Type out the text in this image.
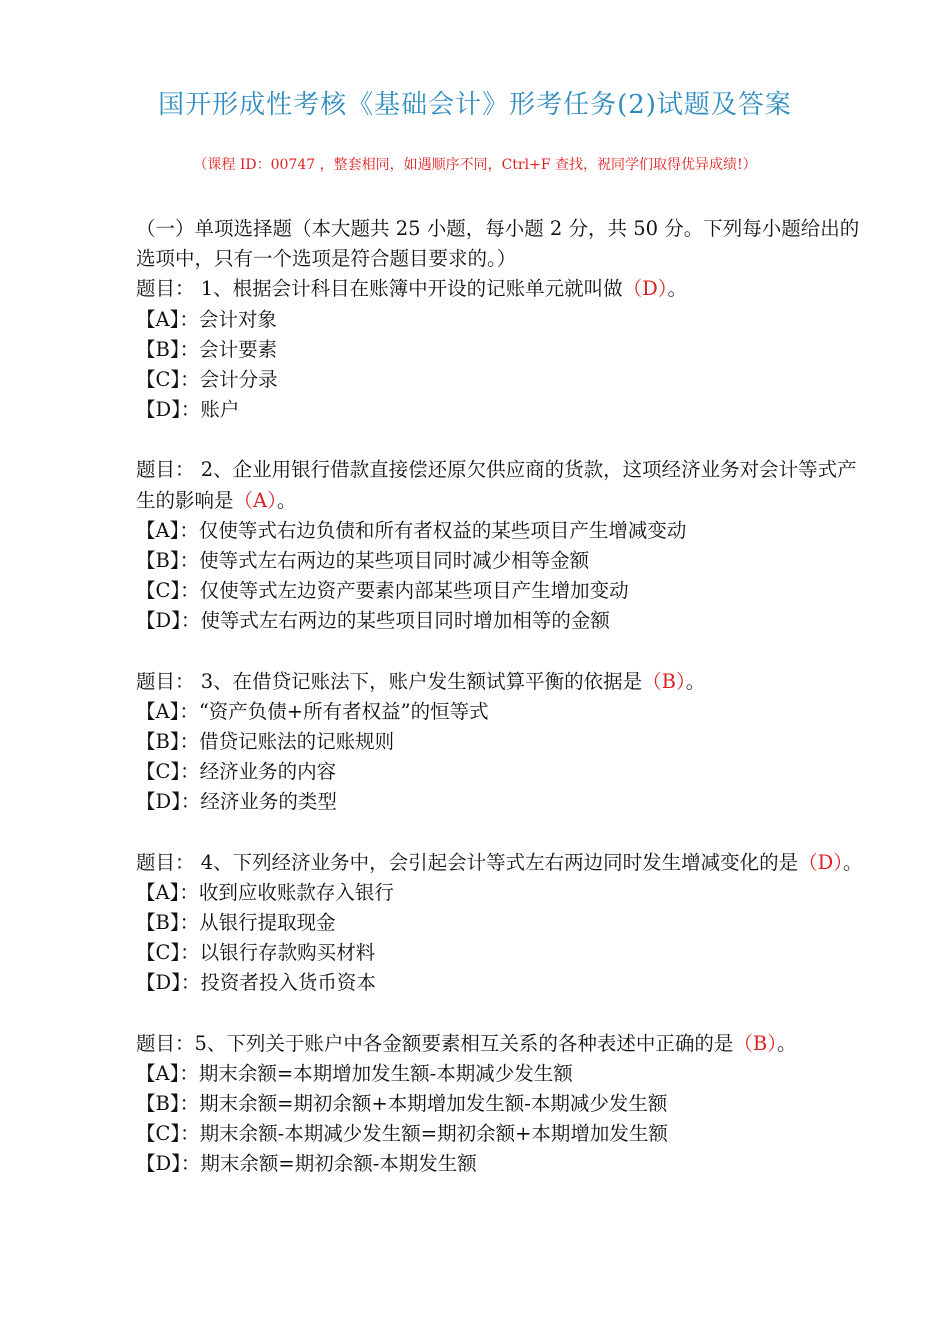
国开形成性考核《基础会计》形考任务(2)试题及答案
（课程 ID：00747 ，整套相同，如遇顺序不同，Ctrl+F 查找，祝同学们取得优异成绩!）
（一）单项选择题（本大题共 25 小题，每小题 2 分，共 50 分。下列每小题给出的选项中，只有一个选项是符合题目要求的。）
题目： 1、根据会计科目在账簿中开设的记账单元就叫做（D）。
【A】：会计对象
【B】：会计要素
【C】：会计分录
【D】：账户
题目： 2、企业用银行借款直接偿还原欠供应商的货款，这项经济业务对会计等式产生的影响是（A）。
【A】：仅使等式右边负债和所有者权益的某些项目产生增减变动
【B】：使等式左右两边的某些项目同时减少相等金额
【C】：仅使等式左边资产要素内部某些项目产生增加变动
【D】：使等式左右两边的某些项目同时增加相等的金额
题目： 3、在借贷记账法下，账户发生额试算平衡的依据是（B）。
【A】：“资产负债+所有者权益”的恒等式
【B】：借贷记账法的记账规则
【C】：经济业务的内容
【D】：经济业务的类型
题目： 4、下列经济业务中，会引起会计等式左右两边同时发生增减变化的是（D）。
【A】：收到应收账款存入银行
【B】：从银行提取现金
【C】：以银行存款购买材料
【D】：投资者投入货币资本
题目：5、下列关于账户中各金额要素相互关系的各种表述中正确的是（B）。
【A】：期末余额=本期增加发生额-本期减少发生额
【B】：期末余额=期初余额+本期增加发生额-本期减少发生额
【C】：期末余额-本期减少发生额=期初余额+本期增加发生额
【D】：期末余额=期初余额-本期发生额
